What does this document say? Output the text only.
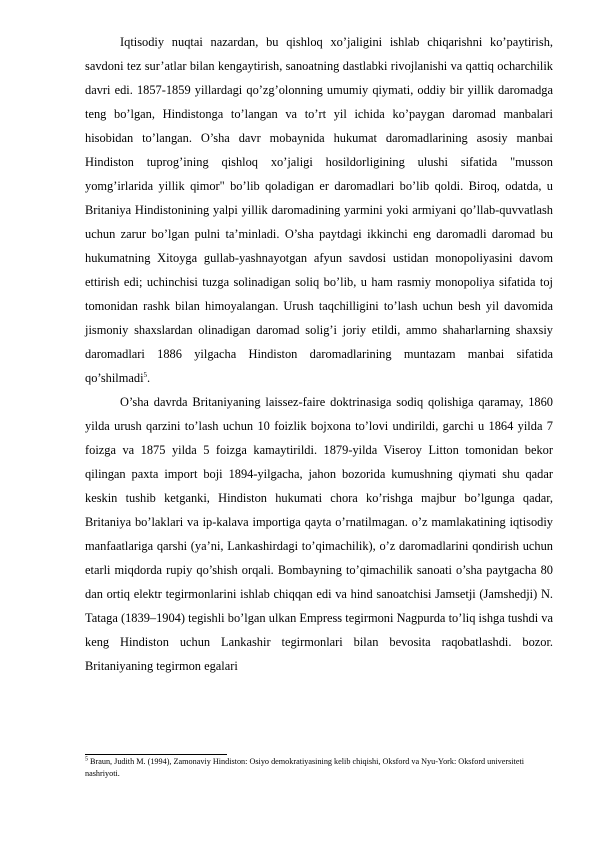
Iqtisodiy nuqtai nazardan, bu qishloq xo’jaligini ishlab chiqarishni ko’paytirish, savdoni tez sur’atlar bilan kengaytirish, sanoatning dastlabki rivojlanishi va qattiq ocharchilik davri edi. 1857-1859 yillardagi qo’zg’olonning umumiy qiymati, oddiy bir yillik daromadga teng bo’lgan, Hindistonga to’langan va to’rt yil ichida ko’paygan daromad manbalari hisobidan to’langan. O’sha davr mobaynida hukumat daromadlarining asosiy manbai Hindiston tuprog’ining qishloq xo’jaligi hosildorligining ulushi sifatida "musson yomg’irlarida yillik qimor" bo’lib qoladigan er daromadlari bo’lib qoldi. Biroq, odatda, u Britaniya Hindistonining yalpi yillik daromadining yarmini yoki armiyani qo’llab-quvvatlash uchun zarur bo’lgan pulni ta’minladi. O’sha paytdagi ikkinchi eng daromadli daromad bu hukumatning Xitoyga gullab-yashnayotgan afyun savdosi ustidan monopoliyasini davom ettirish edi; uchinchisi tuzga solinadigan soliq bo’lib, u ham rasmiy monopoliya sifatida toj tomonidan rashk bilan himoyalangan. Urush taqchilligini to’lash uchun besh yil davomida jismoniy shaxslardan olinadigan daromad solig’i joriy etildi, ammo shaharlarning shaxsiy daromadlari 1886 yilgacha Hindiston daromadlarining muntazam manbai sifatida qo’shilmadi$^5$.

O’sha davrda Britaniyaning laissez-faire doktrinasiga sodiq qolishiga qaramay, 1860 yilda urush qarzini to’lash uchun 10 foizlik bojxona to’lovi undirildi, garchi u 1864 yilda 7 foizga va 1875 yilda 5 foizga kamaytirildi. 1879-yilda Viseroy Litton tomonidan bekor qilingan paxta import boji 1894-yilgacha, jahon bozorida kumushning qiymati shu qadar keskin tushib ketganki, Hindiston hukumati chora ko’rishga majbur bo’lgunga qadar, Britaniya bo’laklari va ip-kalava importiga qayta o’rnatilmagan. o’z mamlakatining iqtisodiy manfaatlariga qarshi (ya’ni, Lankashirdagi to’qimachilik), o’z daromadlarini qondirish uchun etarli miqdorda rupiy qo’shish orqali. Bombayning to’qimachilik sanoati o’sha paytgacha 80 dan ortiq elektr tegirmonlarini ishlab chiqqan edi va hind sanoatchisi Jamsetji (Jamshedji) N. Tataga (1839–1904) tegishli bo’lgan ulkan Empress tegirmoni Nagpurda to’liq ishga tushdi va keng Hindiston uchun Lankashir tegirmonlari bilan bevosita raqobatlashdi. bozor. Britaniyaning tegirmon egalari

$^5$ Braun, Judith M. (1994), Zamonaviy Hindiston: Osiyo demokratiyasining kelib chiqishi, Oksford va Nyu-York: Oksford universiteti nashriyoti.
